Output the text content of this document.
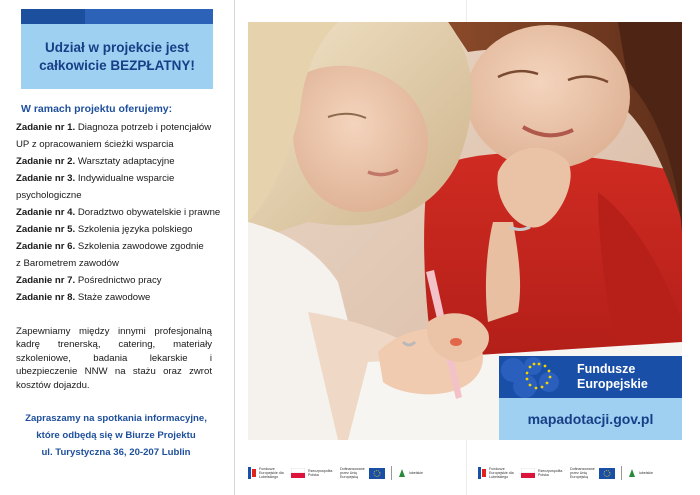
Udział w projekcie jest
całkowicie BEZPŁATNY!
W ramach projektu oferujemy:
Zadanie nr 1. Diagnoza potrzeb i potencjałów
UP z opracowaniem ścieżki wsparcia
Zadanie nr 2. Warsztaty adaptacyjne
Zadanie nr 3. Indywidualne wsparcie
psychologiczne
Zadanie nr 4. Doradztwo obywatelskie i prawne
Zadanie nr 5. Szkolenia języka polskiego
Zadanie nr 6. Szkolenia zawodowe zgodnie
z Barometrem zawodów
Zadanie nr 7. Pośrednictwo pracy
Zadanie nr 8. Staże zawodowe

Zapewniamy między innymi profesjonalną kadrę trenerską, catering, materiały szkoleniowe, badania lekarskie i ubezpieczenie NNW na stażu oraz zwrot kosztów dojazdu.

Zapraszamy na spotkania informacyjne,
które odbędą się w Biurze Projektu
ul. Turystyczna 36, 20-207 Lublin
Fundusze
Europejskie
mapadotacji.gov.pl
Fundusze Europejskie dla Lubelskiego
Rzeczpospolita Polska
Dofinansowane przez Unię Europejską
lubelskie
Fundusze Europejskie dla Lubelskiego
Rzeczpospolita Polska
Dofinansowane przez Unię Europejską
lubelskie
